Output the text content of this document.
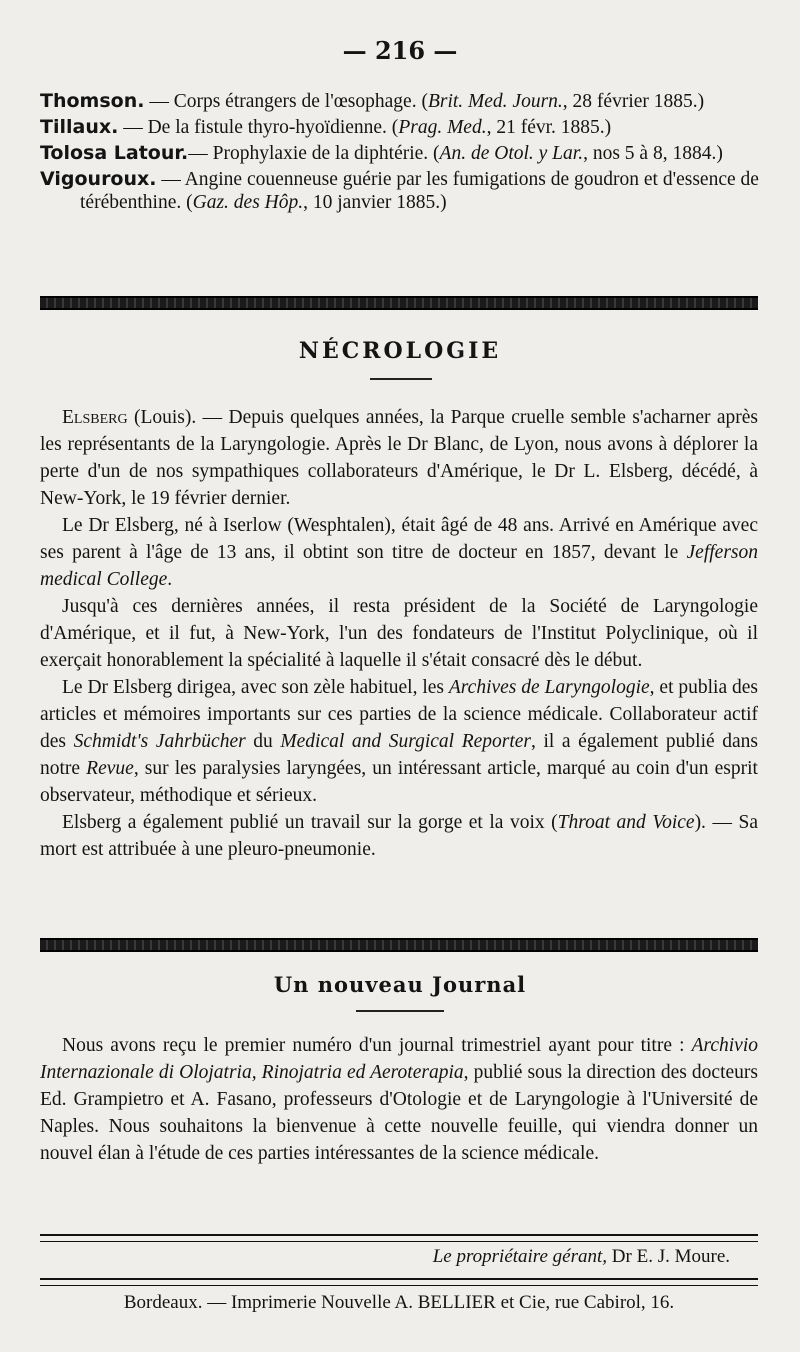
— 216 —
Thomson. — Corps étrangers de l'œsophage. (Brit. Med. Journ., 28 février 1885.)
Tillaux. — De la fistule thyro-hyoïdienne. (Prag. Med., 21 févr. 1885.)
Tolosa Latour.— Prophylaxie de la diphtérie. (An. de Otol. y Lar., nos 5 à 8, 1884.)
Vigouroux. — Angine couenneuse guérie par les fumigations de goudron et d'essence de térébenthine. (Gaz. des Hôp., 10 janvier 1885.)
NÉCROLOGIE

Elsberg (Louis). — Depuis quelques années, la Parque cruelle semble s'acharner après les représentants de la Laryngologie. Après le Dr Blanc, de Lyon, nous avons à déplorer la perte d'un de nos sympathiques collaborateurs d'Amérique, le Dr L. Elsberg, décédé, à New-York, le 19 février dernier.

Le Dr Elsberg, né à Iserlow (Wesphtalen), était âgé de 48 ans. Arrivé en Amérique avec ses parent à l'âge de 13 ans, il obtint son titre de docteur en 1857, devant le Jefferson medical College.

Jusqu'à ces dernières années, il resta président de la Société de Laryngologie d'Amérique, et il fut, à New-York, l'un des fondateurs de l'Institut Polyclinique, où il exerçait honorablement la spécialité à laquelle il s'était consacré dès le début.

Le Dr Elsberg dirigea, avec son zèle habituel, les Archives de Laryngologie, et publia des articles et mémoires importants sur ces parties de la science médicale. Collaborateur actif des Schmidt's Jahrbücher du Medical and Surgical Reporter, il a également publié dans notre Revue, sur les paralysies laryngées, un intéressant article, marqué au coin d'un esprit observateur, méthodique et sérieux.

Elsberg a également publié un travail sur la gorge et la voix (Throat and Voice). — Sa mort est attribuée à une pleuro-pneumonie.

Un nouveau Journal

Nous avons reçu le premier numéro d'un journal trimestriel ayant pour titre : Archivio Internazionale di Olojatria, Rinojatria ed Aeroterapia, publié sous la direction des docteurs Ed. Grampietro et A. Fasano, professeurs d'Otologie et de Laryngologie à l'Université de Naples. Nous souhaitons la bienvenue à cette nouvelle feuille, qui viendra donner un nouvel élan à l'étude de ces parties intéressantes de la science médicale.

Le propriétaire gérant, Dr E. J. Moure.
Bordeaux. — Imprimerie Nouvelle A. BELLIER et Cie, rue Cabirol, 16.
